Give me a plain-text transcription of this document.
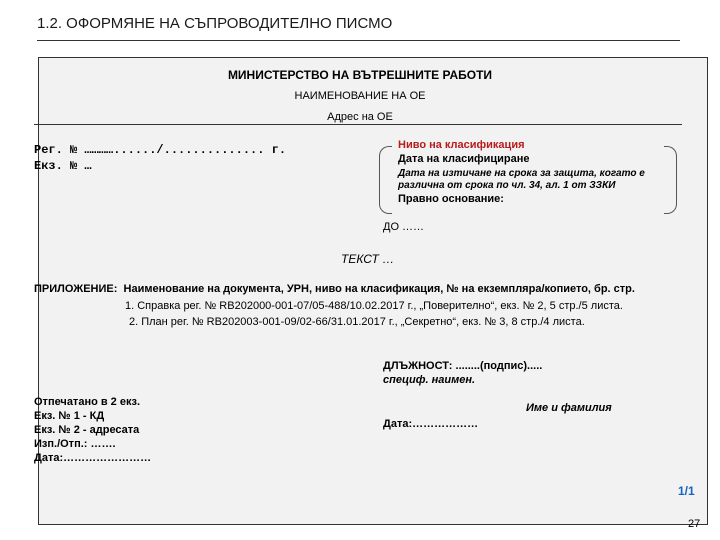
1.2. ОФОРМЯНЕ НА СЪПРОВОДИТЕЛНО ПИСМО
МИНИСТЕРСТВО НА ВЪТРЕШНИТЕ РАБОТИ
НАИМЕНОВАНИЕ НА ОЕ
Адрес на ОЕ
Рег. № …………....../.............. г.
Екз. № …
Ниво на класификация
Дата на класифициране
Дата на изтичане на срока за защита, когато е
различна от срока по чл. 34, ал. 1 от ЗЗКИ
Правно основание:
ДО ……
ТЕКСТ …
ПРИЛОЖЕНИЕ: Наименование на документа, УРН, ниво на класификация, № на екземпляра/копието, бр. стр.
1. Справка рег. № RB202000-001-07/05-488/10.02.2017 г., „Поверително“, екз. № 2, 5 стр./5 листа.
2. План рег. № RB202003-001-09/02-66/31.01.2017 г., „Секретно“, екз. № 3, 8 стр./4 листа.
ДЛЪЖНОСТ: ........(подпис).....
специф. наимен.
Отпечатано в 2 екз.
Екз. № 1 - КД
Екз. № 2 - адресата
Изп./Отп.: …….
Дата:……………………
Име и фамилия
Дата:………………
1/1
27
